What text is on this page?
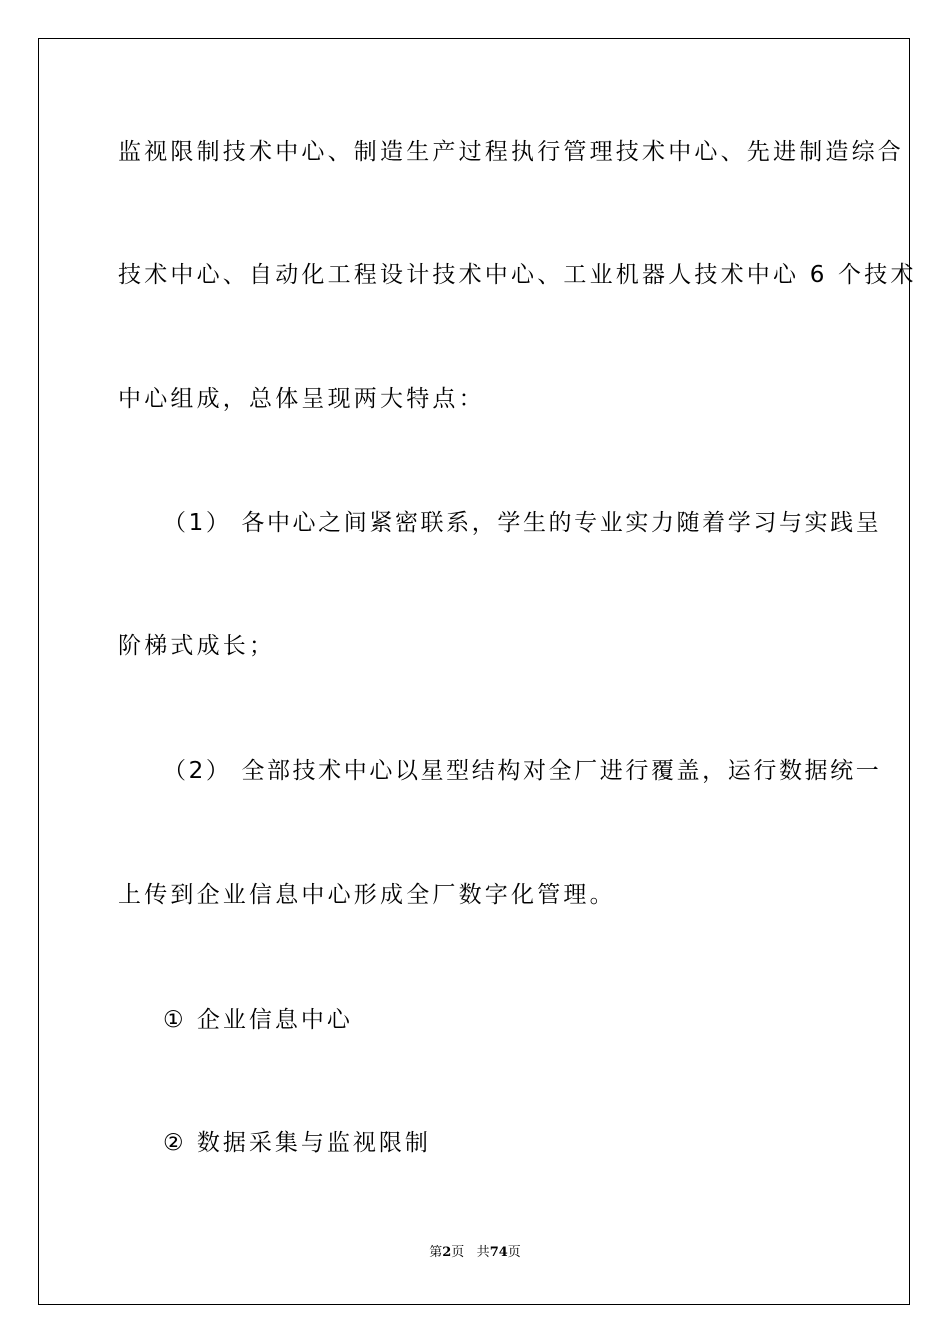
监视限制技术中心、制造生产过程执行管理技术中心、先进制造综合
技术中心、自动化工程设计技术中心、工业机器人技术中心 6 个技术
中心组成，总体呈现两大特点：
（1） 各中心之间紧密联系，学生的专业实力随着学习与实践呈
阶梯式成长；
（2） 全部技术中心以星型结构对全厂进行覆盖，运行数据统一
上传到企业信息中心形成全厂数字化管理。
① 企业信息中心
② 数据采集与监视限制
第2页 共74页
